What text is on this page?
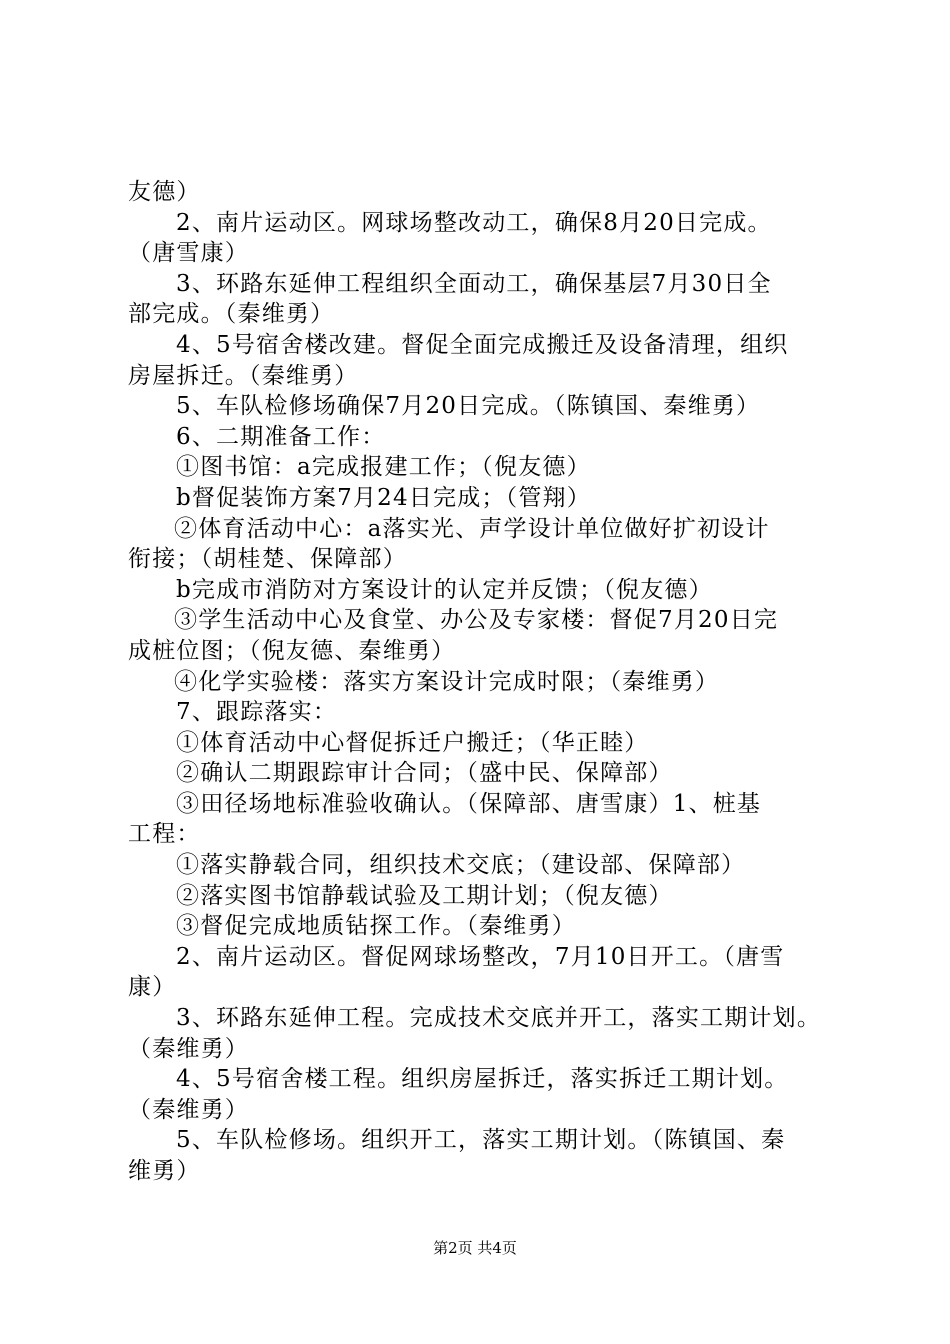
友德）
2、南片运动区。网球场整改动工，确保8月20日完成。
（唐雪康）
3、环路东延伸工程组织全面动工，确保基层7月30日全
部完成。（秦维勇）
4、5号宿舍楼改建。督促全面完成搬迁及设备清理，组织
房屋拆迁。（秦维勇）
5、车队检修场确保7月20日完成。（陈镇国、秦维勇）
6、二期准备工作：
①图书馆：a完成报建工作；（倪友德）
b督促装饰方案7月24日完成；（管翔）
②体育活动中心：a落实光、声学设计单位做好扩初设计
衔接；（胡桂楚、保障部）
b完成市消防对方案设计的认定并反馈；（倪友德）
③学生活动中心及食堂、办公及专家楼：督促7月20日完
成桩位图；（倪友德、秦维勇）
④化学实验楼：落实方案设计完成时限；（秦维勇）
7、跟踪落实：
①体育活动中心督促拆迁户搬迁；（华正睦）
②确认二期跟踪审计合同；（盛中民、保障部）
③田径场地标准验收确认。（保障部、唐雪康）1、桩基
工程：
①落实静载合同，组织技术交底；（建设部、保障部）
②落实图书馆静载试验及工期计划；（倪友德）
③督促完成地质钻探工作。（秦维勇）
2、南片运动区。督促网球场整改，7月10日开工。（唐雪
康）
3、环路东延伸工程。完成技术交底并开工，落实工期计划。
（秦维勇）
4、5号宿舍楼工程。组织房屋拆迁，落实拆迁工期计划。
（秦维勇）
5、车队检修场。组织开工，落实工期计划。（陈镇国、秦
维勇）
第2页 共4页
